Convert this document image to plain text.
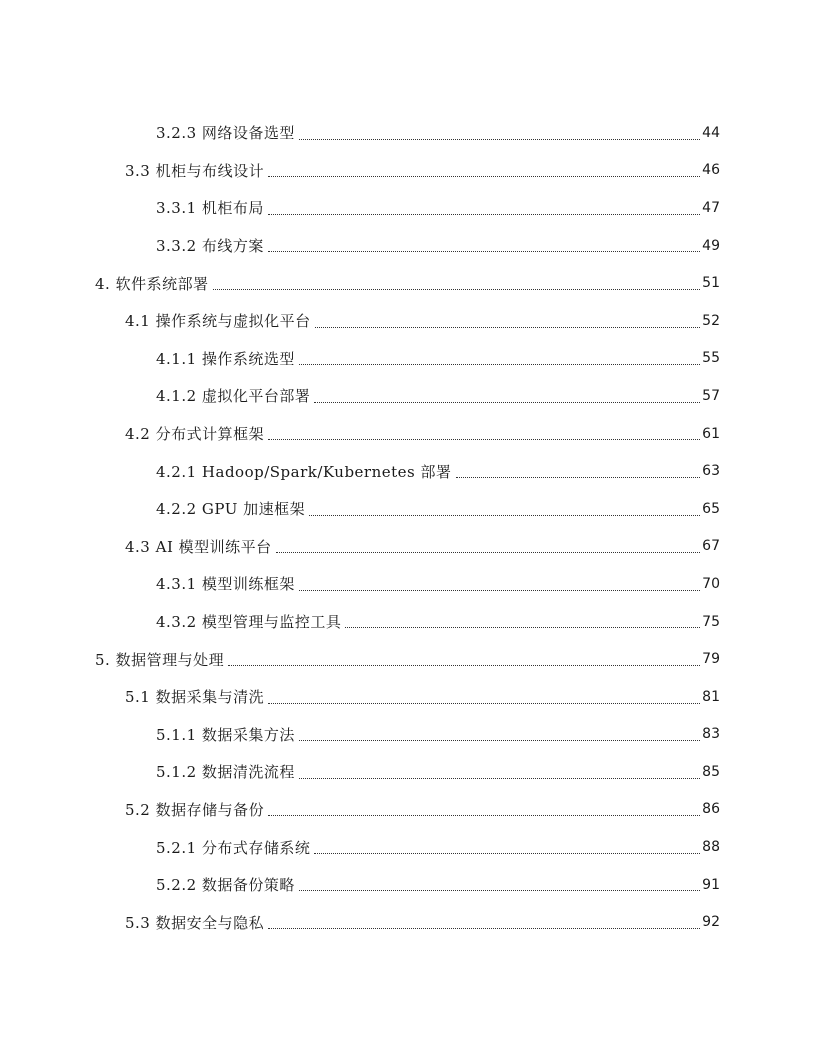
3.2.3 网络设备选型	44
3.3 机柜与布线设计	46
3.3.1 机柜布局	47
3.3.2 布线方案	49
4. 软件系统部署	51
4.1 操作系统与虚拟化平台	52
4.1.1 操作系统选型	55
4.1.2 虚拟化平台部署	57
4.2 分布式计算框架	61
4.2.1 Hadoop/Spark/Kubernetes 部署	63
4.2.2 GPU 加速框架	65
4.3 AI 模型训练平台	67
4.3.1 模型训练框架	70
4.3.2 模型管理与监控工具	75
5. 数据管理与处理	79
5.1 数据采集与清洗	81
5.1.1 数据采集方法	83
5.1.2 数据清洗流程	85
5.2 数据存储与备份	86
5.2.1 分布式存储系统	88
5.2.2 数据备份策略	91
5.3 数据安全与隐私	92
